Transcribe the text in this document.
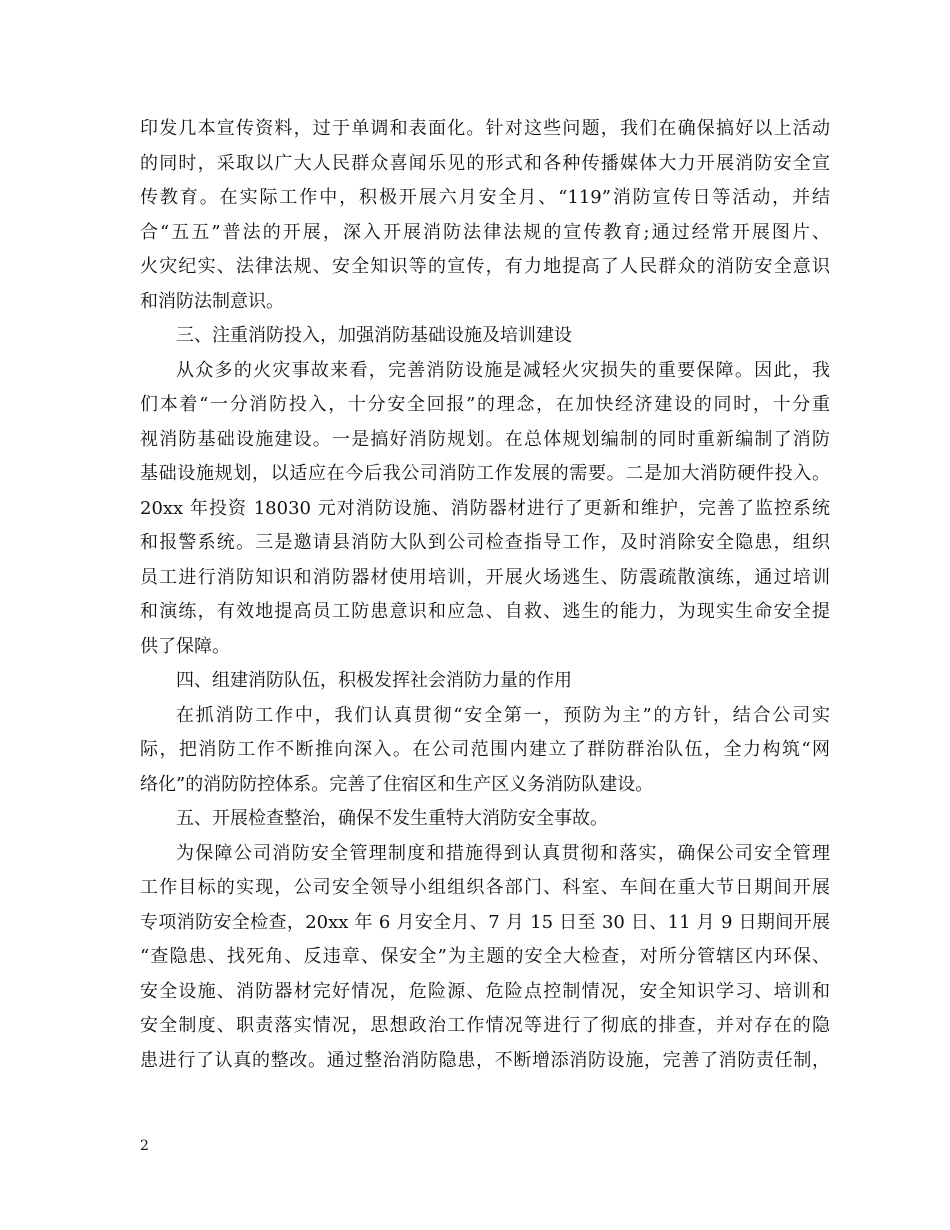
印发几本宣传资料，过于单调和表面化。针对这些问题，我们在确保搞好以上活动
的同时，采取以广大人民群众喜闻乐见的形式和各种传播媒体大力开展消防安全宣
传教育。在实际工作中，积极开展六月安全月、“119”消防宣传日等活动，并结
合“五五”普法的开展，深入开展消防法律法规的宣传教育;通过经常开展图片、
火灾纪实、法律法规、安全知识等的宣传，有力地提高了人民群众的消防安全意识
和消防法制意识。
三、注重消防投入，加强消防基础设施及培训建设
从众多的火灾事故来看，完善消防设施是减轻火灾损失的重要保障。因此，我
们本着“一分消防投入，十分安全回报”的理念，在加快经济建设的同时，十分重
视消防基础设施建设。一是搞好消防规划。在总体规划编制的同时重新编制了消防
基础设施规划，以适应在今后我公司消防工作发展的需要。二是加大消防硬件投入。
20xx 年投资 18030 元对消防设施、消防器材进行了更新和维护，完善了监控系统
和报警系统。三是邀请县消防大队到公司检查指导工作，及时消除安全隐患，组织
员工进行消防知识和消防器材使用培训，开展火场逃生、防震疏散演练，通过培训
和演练，有效地提高员工防患意识和应急、自救、逃生的能力，为现实生命安全提
供了保障。
四、组建消防队伍，积极发挥社会消防力量的作用
在抓消防工作中，我们认真贯彻“安全第一，预防为主”的方针，结合公司实
际，把消防工作不断推向深入。在公司范围内建立了群防群治队伍，全力构筑“网
络化”的消防防控体系。完善了住宿区和生产区义务消防队建设。
五、开展检查整治，确保不发生重特大消防安全事故。
为保障公司消防安全管理制度和措施得到认真贯彻和落实，确保公司安全管理
工作目标的实现，公司安全领导小组组织各部门、科室、车间在重大节日期间开展
专项消防安全检查，20xx 年 6 月安全月、7 月 15 日至 30 日、11 月 9 日期间开展
“查隐患、找死角、反违章、保安全”为主题的安全大检查，对所分管辖区内环保、
安全设施、消防器材完好情况，危险源、危险点控制情况，安全知识学习、培训和
安全制度、职责落实情况，思想政治工作情况等进行了彻底的排查，并对存在的隐
患进行了认真的整改。通过整治消防隐患，不断增添消防设施，完善了消防责任制，
2
